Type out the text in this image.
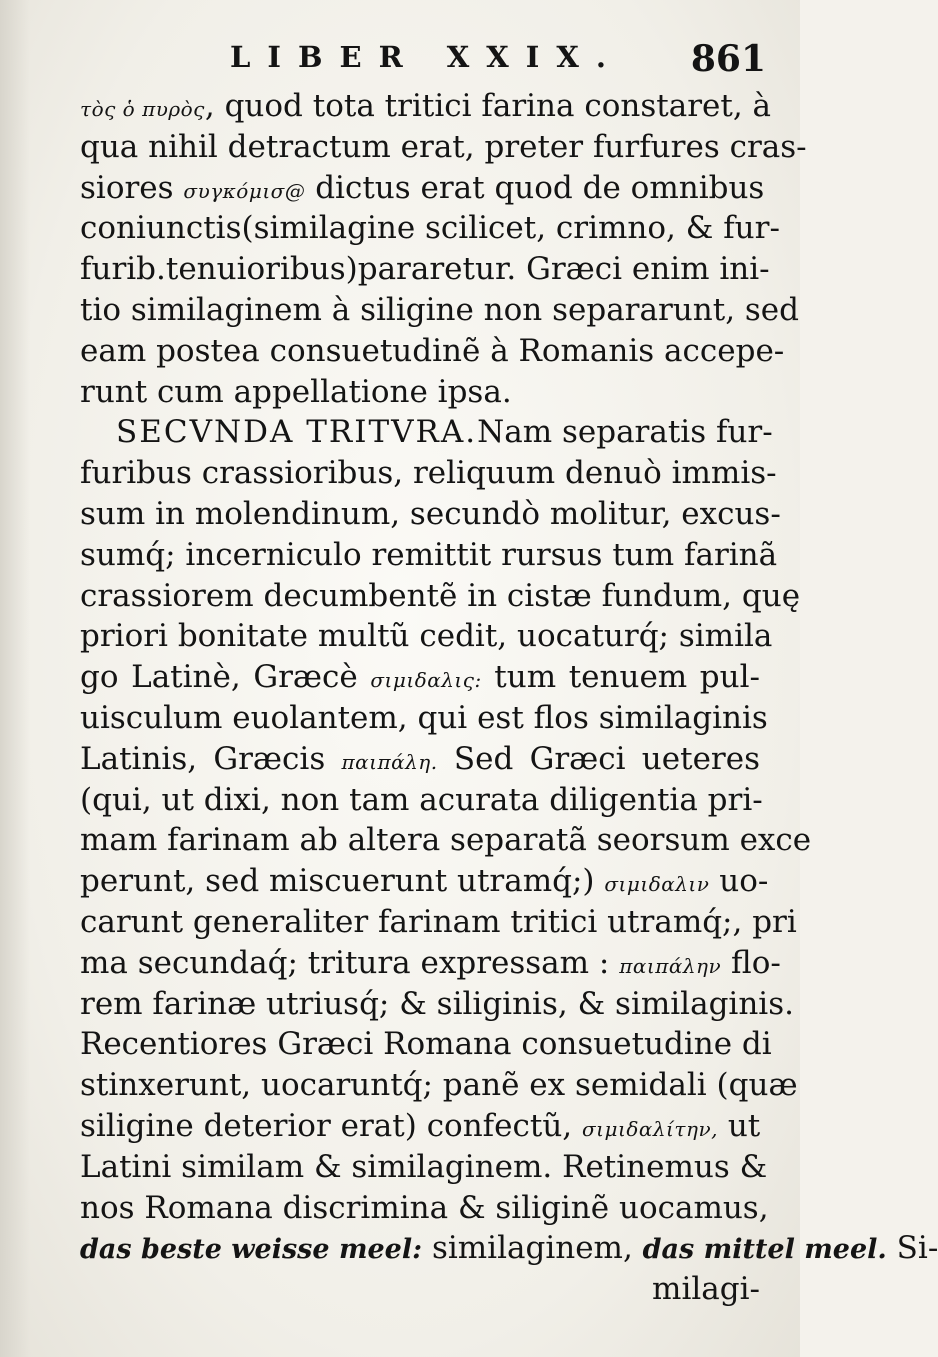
LIBER XXIX. 861
τὸς ὁ πυρὸς, quod tota tritici farina constaret, à
qua nihil detractum erat, preter furfures cras-
siores συγκόμισ@ dictus erat quod de omnibus
coniunctis(similagine scilicet, crimno, & fur-
furib.tenuioribus)pararetur. Græci enim ini-
tio similaginem à siligine non separarunt, sed
eam postea consuetudinẽ à Romanis accepe-
runt cum appellatione ipsa.
SECVNDA TRITVRA.Nam separatis fur-
furibus crassioribus, reliquum denuò immis-
sum in molendinum, secundò molitur, excus-
sumq́; incerniculo remittit rursus tum farinã
crassiorem decumbentẽ in cistæ fundum, quę
priori bonitate multũ cedit, uocaturq́; simila
go Latinè, Græcè σιμιδαλις: tum tenuem pul-
uisculum euolantem, qui est flos similaginis
Latinis, Græcis παιπάλη. Sed Græci ueteres
(qui, ut dixi, non tam acurata diligentia pri-
mam farinam ab altera separatã seorsum exce
perunt, sed miscuerunt utramq́;) σιμιδαλιν uo-
carunt generaliter farinam tritici utramq́;, pri
ma secundaq́; tritura expressam : παιπάλην flo-
rem farinæ utriusq́; & siliginis, & similaginis.
Recentiores Græci Romana consuetudine di
stinxerunt, uocaruntq́; panẽ ex semidali (quæ
siligine deterior erat) confectũ, σιμιδαλίτην, ut
Latini similam & similaginem. Retinemus &
nos Romana discrimina & siliginẽ uocamus,
das beste weisse meel: similaginem, das mittel meel. Si-
milagi-
